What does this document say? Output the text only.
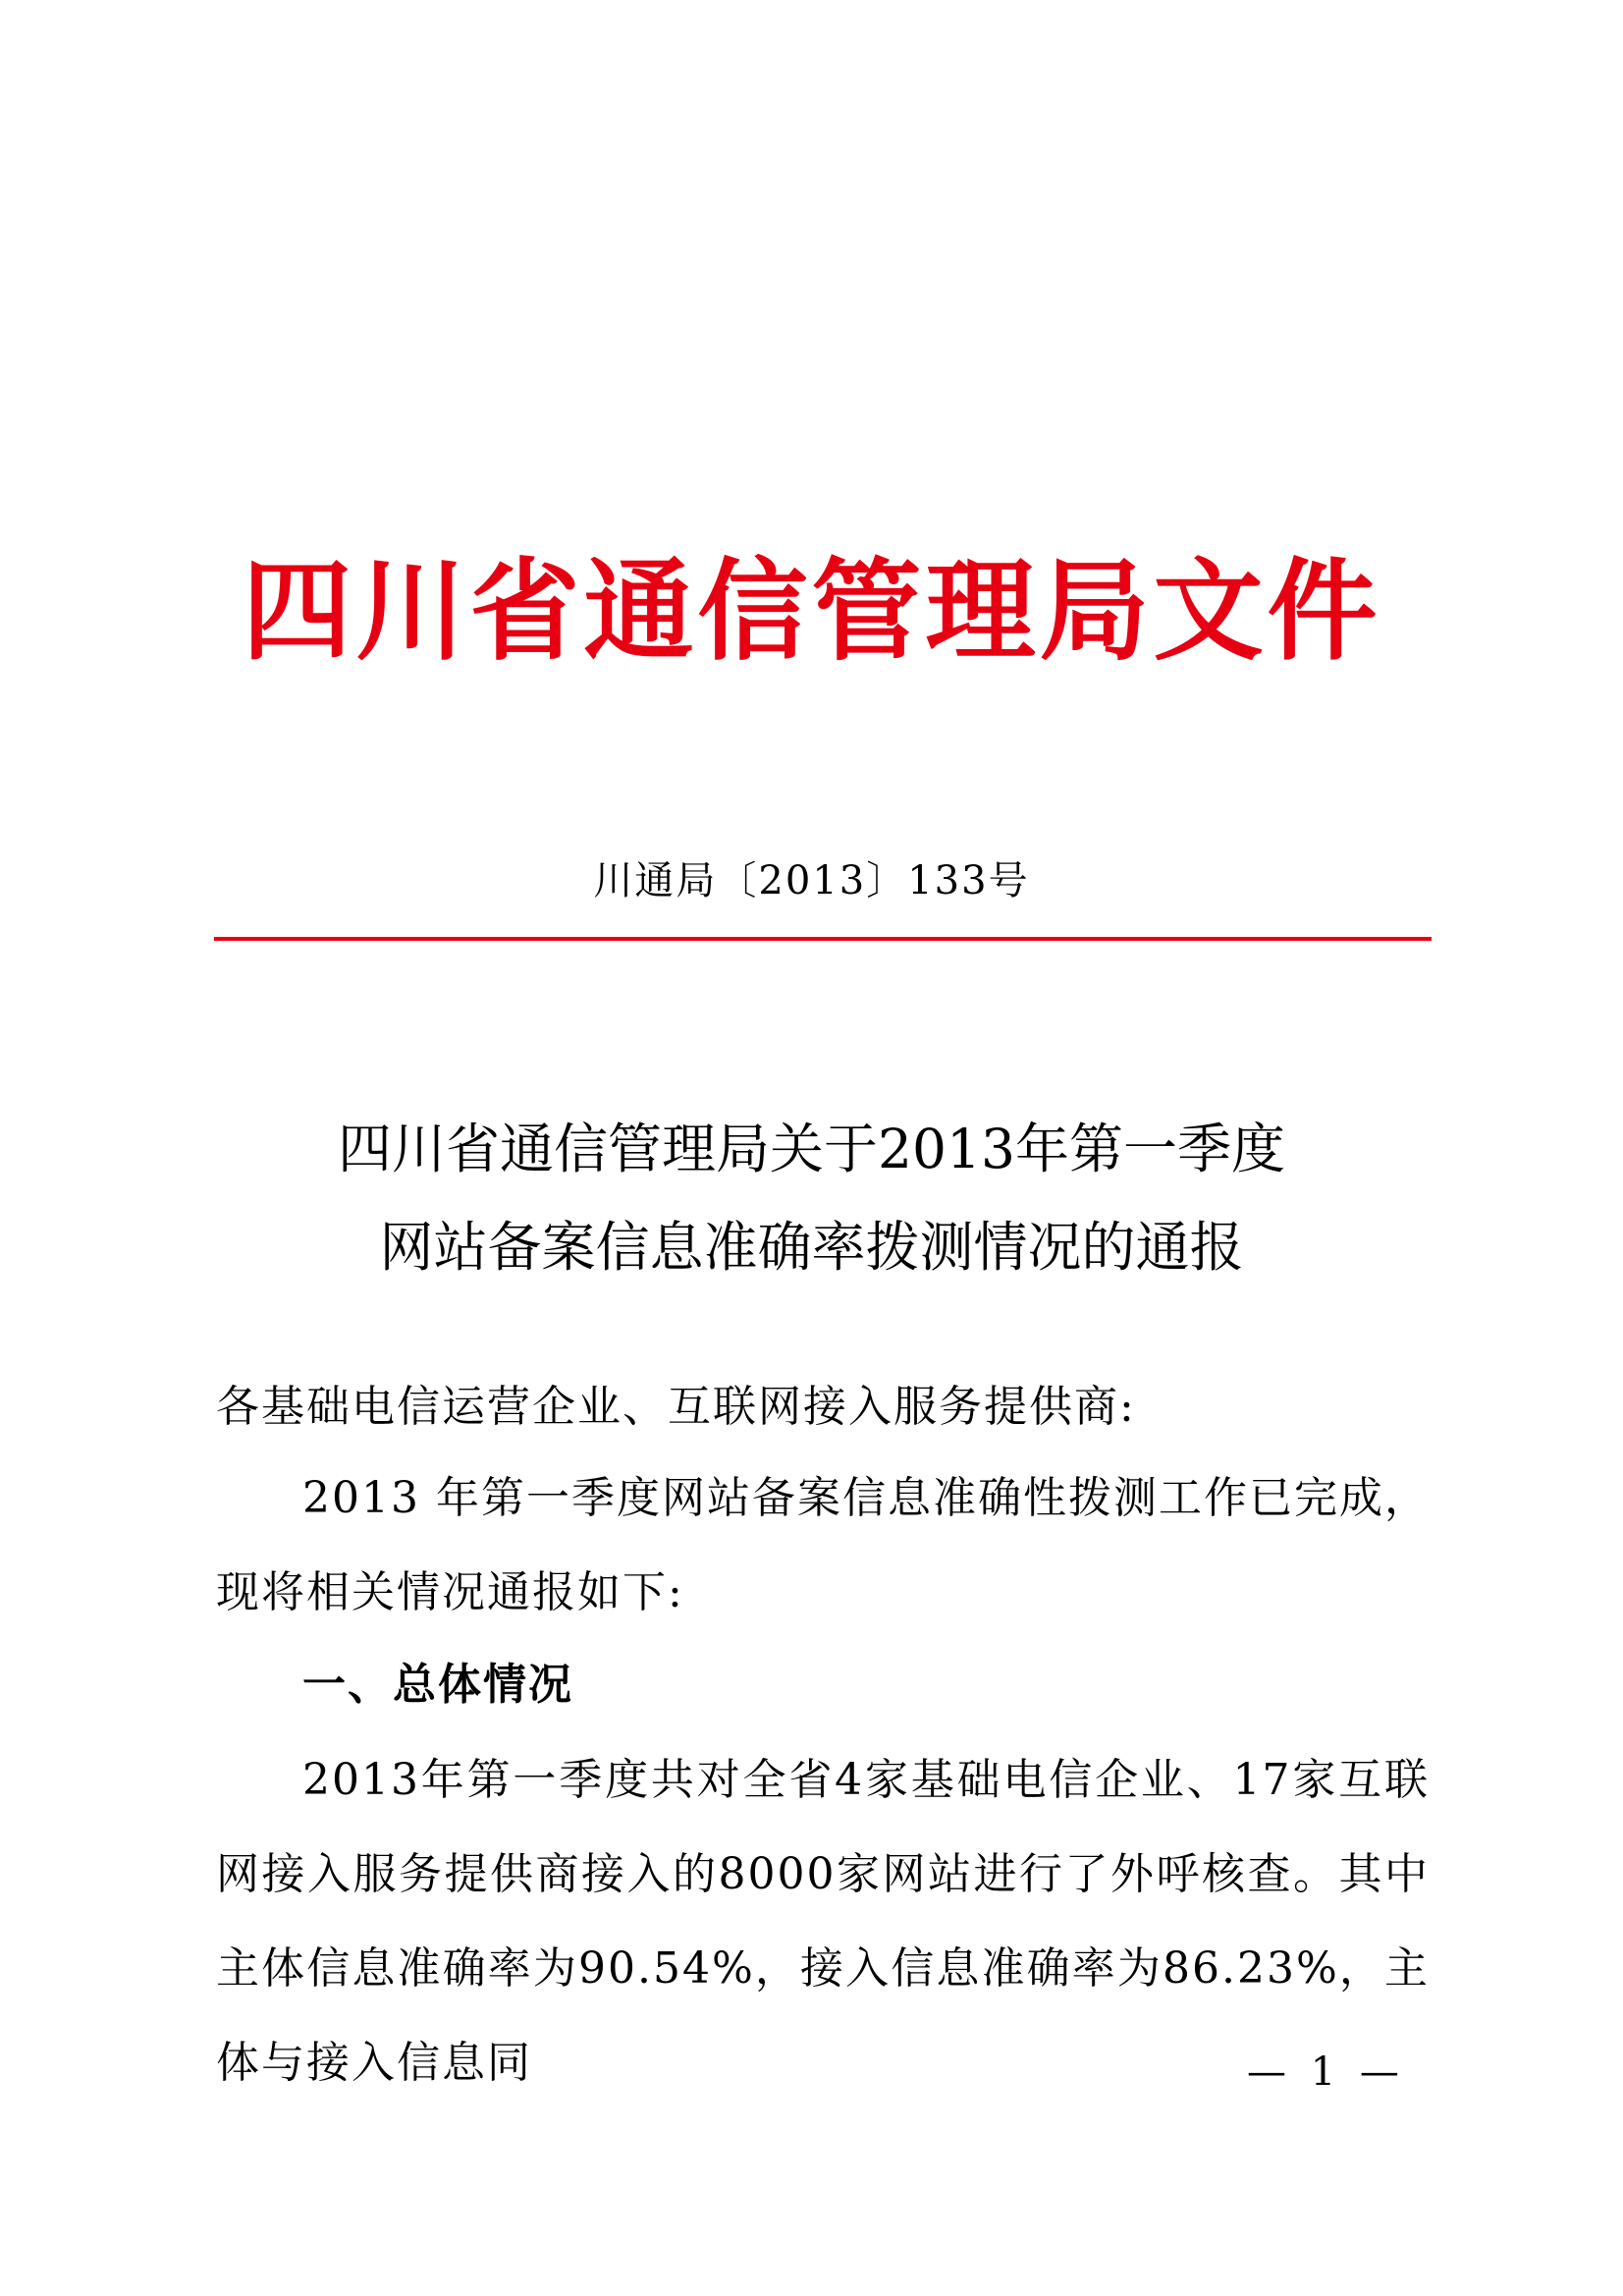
四川省通信管理局文件
川通局〔2013〕133号
四川省通信管理局关于2013年第一季度
网站备案信息准确率拨测情况的通报

各基础电信运营企业、互联网接入服务提供商:

2013 年第一季度网站备案信息准确性拨测工作已完成，现将相关情况通报如下:

一、总体情况

2013年第一季度共对全省4家基础电信企业、17家互联网接入服务提供商接入的8000家网站进行了外呼核查。其中主体信息准确率为90.54%，接入信息准确率为86.23%，主体与接入信息同	— 1 —
